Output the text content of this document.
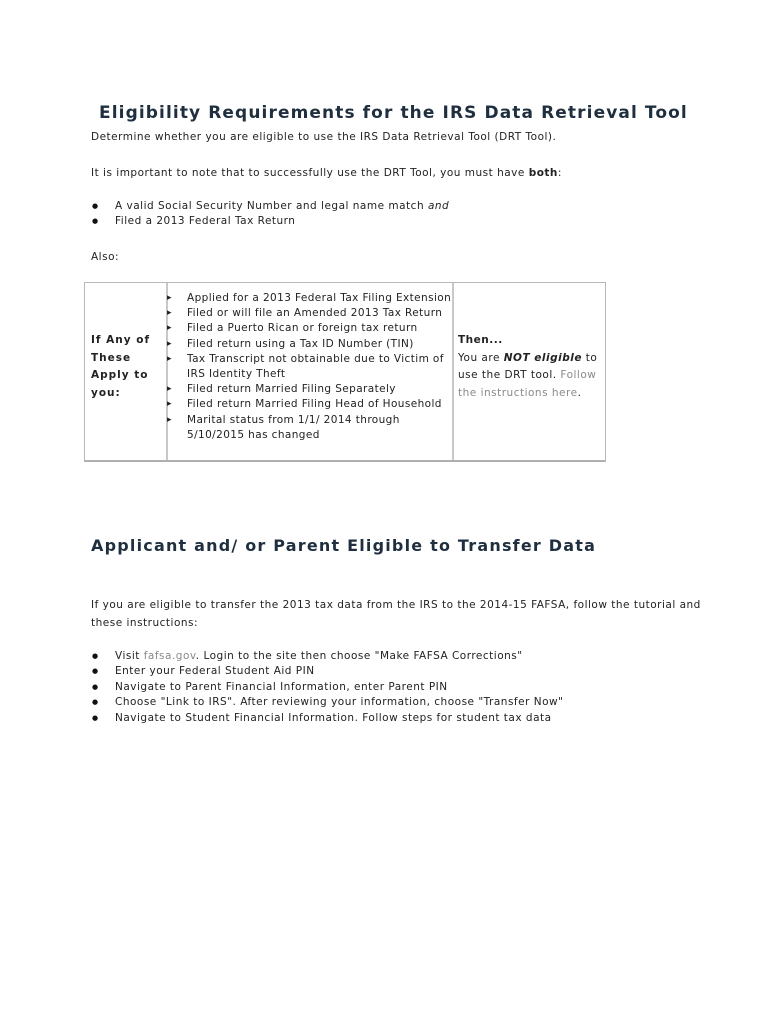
Eligibility Requirements for the IRS Data Retrieval Tool
Determine whether you are eligible to use the IRS Data Retrieval Tool (DRT Tool).
It is important to note that to successfully use the DRT Tool, you must have both:
● A valid Social Security Number and legal name match and
● Filed a 2013 Federal Tax Return
Also:
If Any of
These
Apply to
you:
▸ Applied for a 2013 Federal Tax Filing Extension
▸ Filed or will file an Amended 2013 Tax Return
▸ Filed a Puerto Rican or foreign tax return
▸ Filed return using a Tax ID Number (TIN)
▸ Tax Transcript not obtainable due to Victim of
IRS Identity Theft
▸ Filed return Married Filing Separately
▸ Filed return Married Filing Head of Household
▸ Marital status from 1/1/ 2014 through
5/10/2015 has changed
Then...
You are NOT eligible to
use the DRT tool. Follow
the instructions here.
Applicant and/ or Parent Eligible to Transfer Data
If you are eligible to transfer the 2013 tax data from the IRS to the 2014-15 FAFSA, follow the tutorial and
these instructions:
● Visit fafsa.gov. Login to the site then choose "Make FAFSA Corrections"
● Enter your Federal Student Aid PIN
● Navigate to Parent Financial Information, enter Parent PIN
● Choose "Link to IRS". After reviewing your information, choose "Transfer Now"
● Navigate to Student Financial Information. Follow steps for student tax data
